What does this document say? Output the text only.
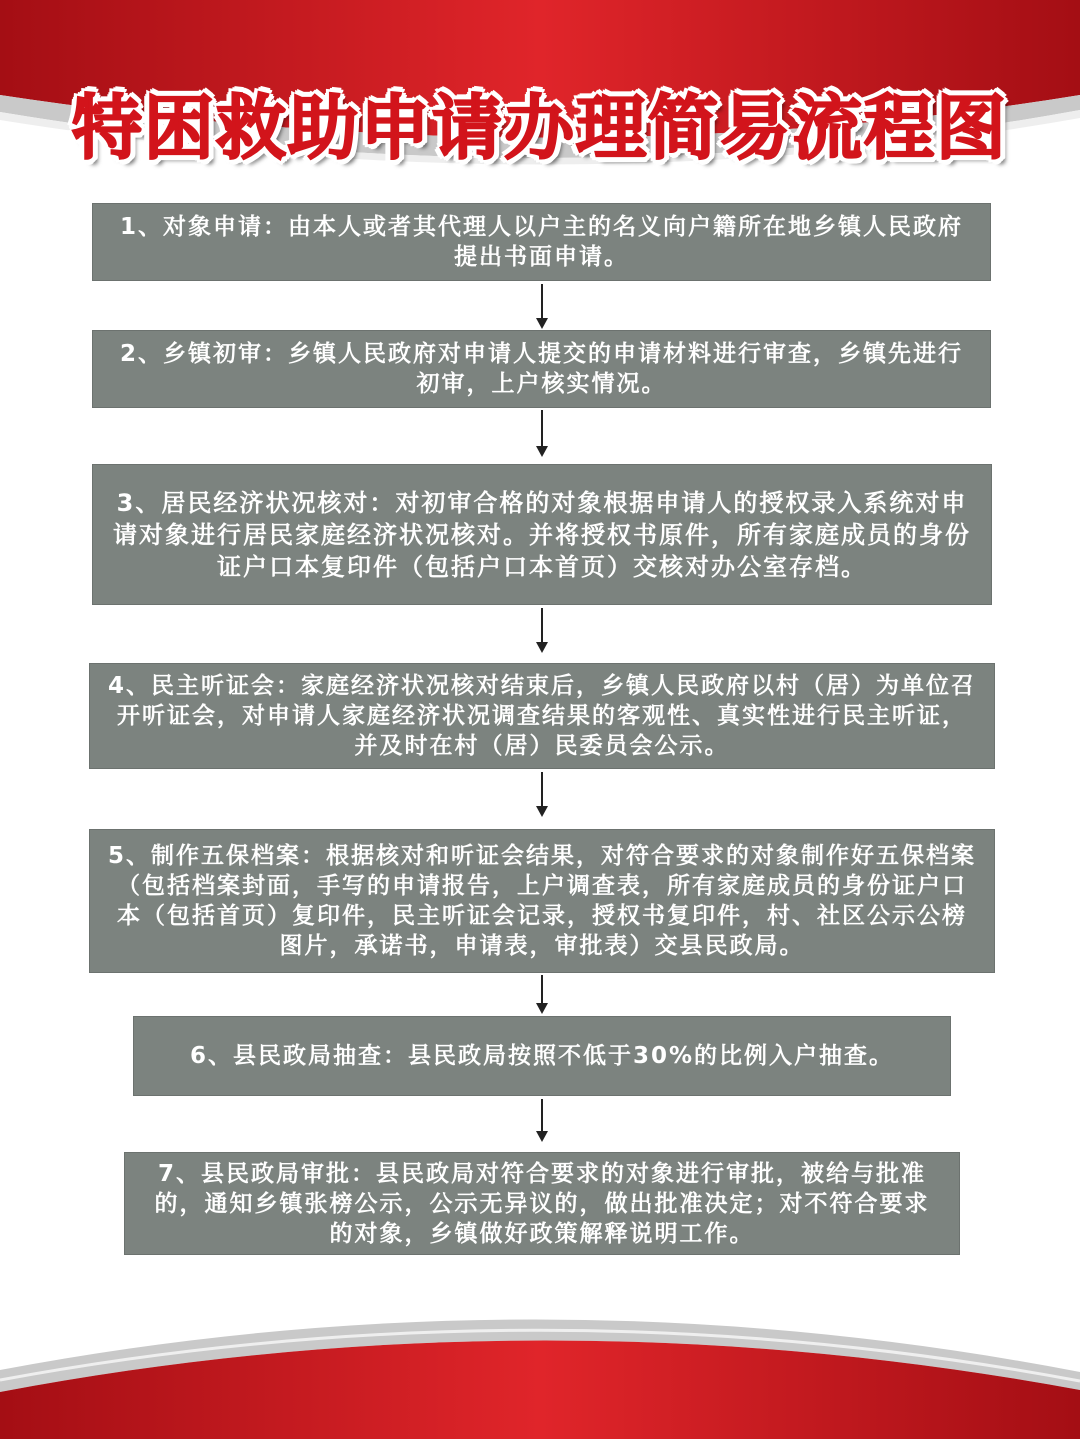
特困救助申请办理简易流程图
1、对象申请：由本人或者其代理人以户主的名义向户籍所在地乡镇人民政府提出书面申请。
2、乡镇初审：乡镇人民政府对申请人提交的申请材料进行审查，乡镇先进行初审，上户核实情况。
3、居民经济状况核对：对初审合格的对象根据申请人的授权录入系统对申请对象进行居民家庭经济状况核对。并将授权书原件，所有家庭成员的身份证户口本复印件（包括户口本首页）交核对办公室存档。
4、民主听证会：家庭经济状况核对结束后，乡镇人民政府以村（居）为单位召开听证会，对申请人家庭经济状况调查结果的客观性、真实性进行民主听证，并及时在村（居）民委员会公示。
5、制作五保档案：根据核对和听证会结果，对符合要求的对象制作好五保档案（包括档案封面，手写的申请报告，上户调查表，所有家庭成员的身份证户口本（包括首页）复印件，民主听证会记录，授权书复印件，村、社区公示公榜图片，承诺书，申请表，审批表）交县民政局。
6、县民政局抽查：县民政局按照不低于30%的比例入户抽查。
7、县民政局审批：县民政局对符合要求的对象进行审批，被给与批准的，通知乡镇张榜公示，公示无异议的，做出批准决定；对不符合要求的对象，乡镇做好政策解释说明工作。
